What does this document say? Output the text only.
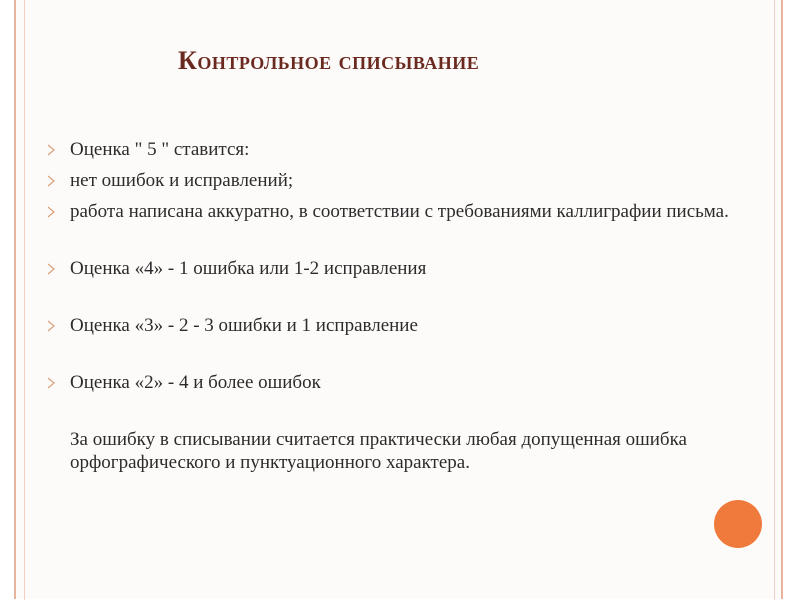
Контрольное списывание
Оценка " 5 " ставится:
нет ошибок и исправлений;
работа написана аккуратно, в соответствии с требованиями каллиграфии письма.
Оценка «4» - 1 ошибка или 1-2 исправления
Оценка «3» - 2 - 3 ошибки и 1 исправление
Оценка «2» - 4 и более ошибок
За ошибку в списывании считается практически любая допущенная ошибка орфографического и пунктуационного характера.
